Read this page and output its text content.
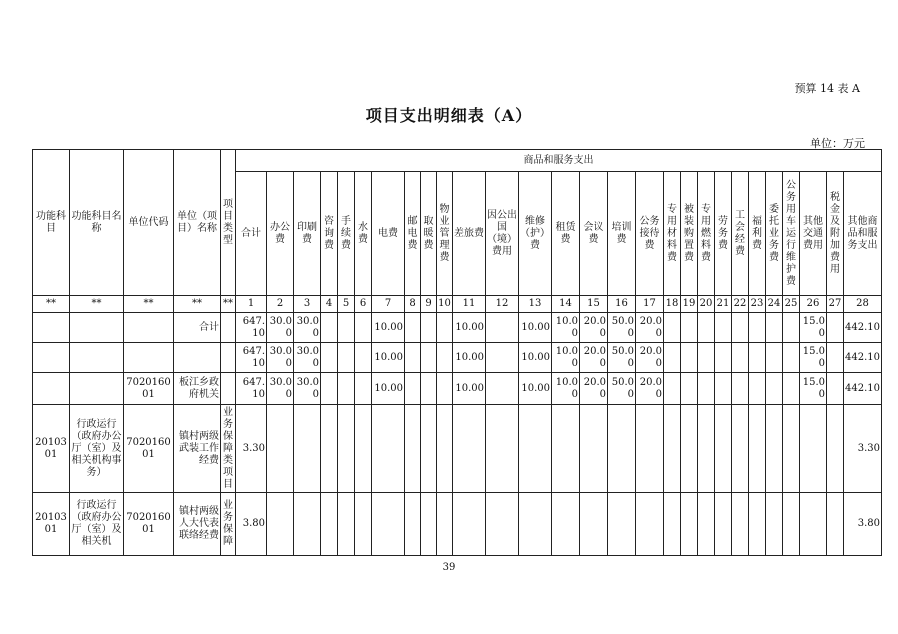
预算 14 表 A
项目支出明细表（A）
单位：万元
功能科目	功能科目名称	单位代码	单位（项目）名称	项目类型	商品和服务支出																											
					合计	办公费	印刷费	咨询费	手续费	水费	电费	邮电费	取暖费	物业管理费	差旅费	因公出国（境）费用	维修（护）费	租赁费	会议费	培训费	公务接待费	专用材料费	被装购置费	专用燃料费	劳务费	工会经费	福利费	委托业务费	公务用车运行维护费	其他交通费用	税金及附加费用	其他商品和服务支出
**	**	**	**	**	1	2	3	4	5	6	7	8	9	10	11	12	13	14	15	16	17	18	19	20	21	22	23	24	25	26	27	28
			合计		647.10	30.00	30.00				10.00				10.00		10.00	10.00	20.00	50.00	20.00									15.00		442.10
					647.10	30.00	30.00				10.00				10.00		10.00	10.00	20.00	50.00	20.00									15.00		442.10
		702016001	板江乡政府机关		647.10	30.00	30.00				10.00				10.00		10.00	10.00	20.00	50.00	20.00									15.00		442.10
2010301	行政运行（政府办公厅（室）及相关机构事务）	702016001	镇村两级武装工作经费	业务保障类项目	3.30																											3.30
2010301	行政运行（政府办公厅（室）及相关机	702016001	镇村两级人大代表联络经费	业务保障	3.80																											3.80
39
